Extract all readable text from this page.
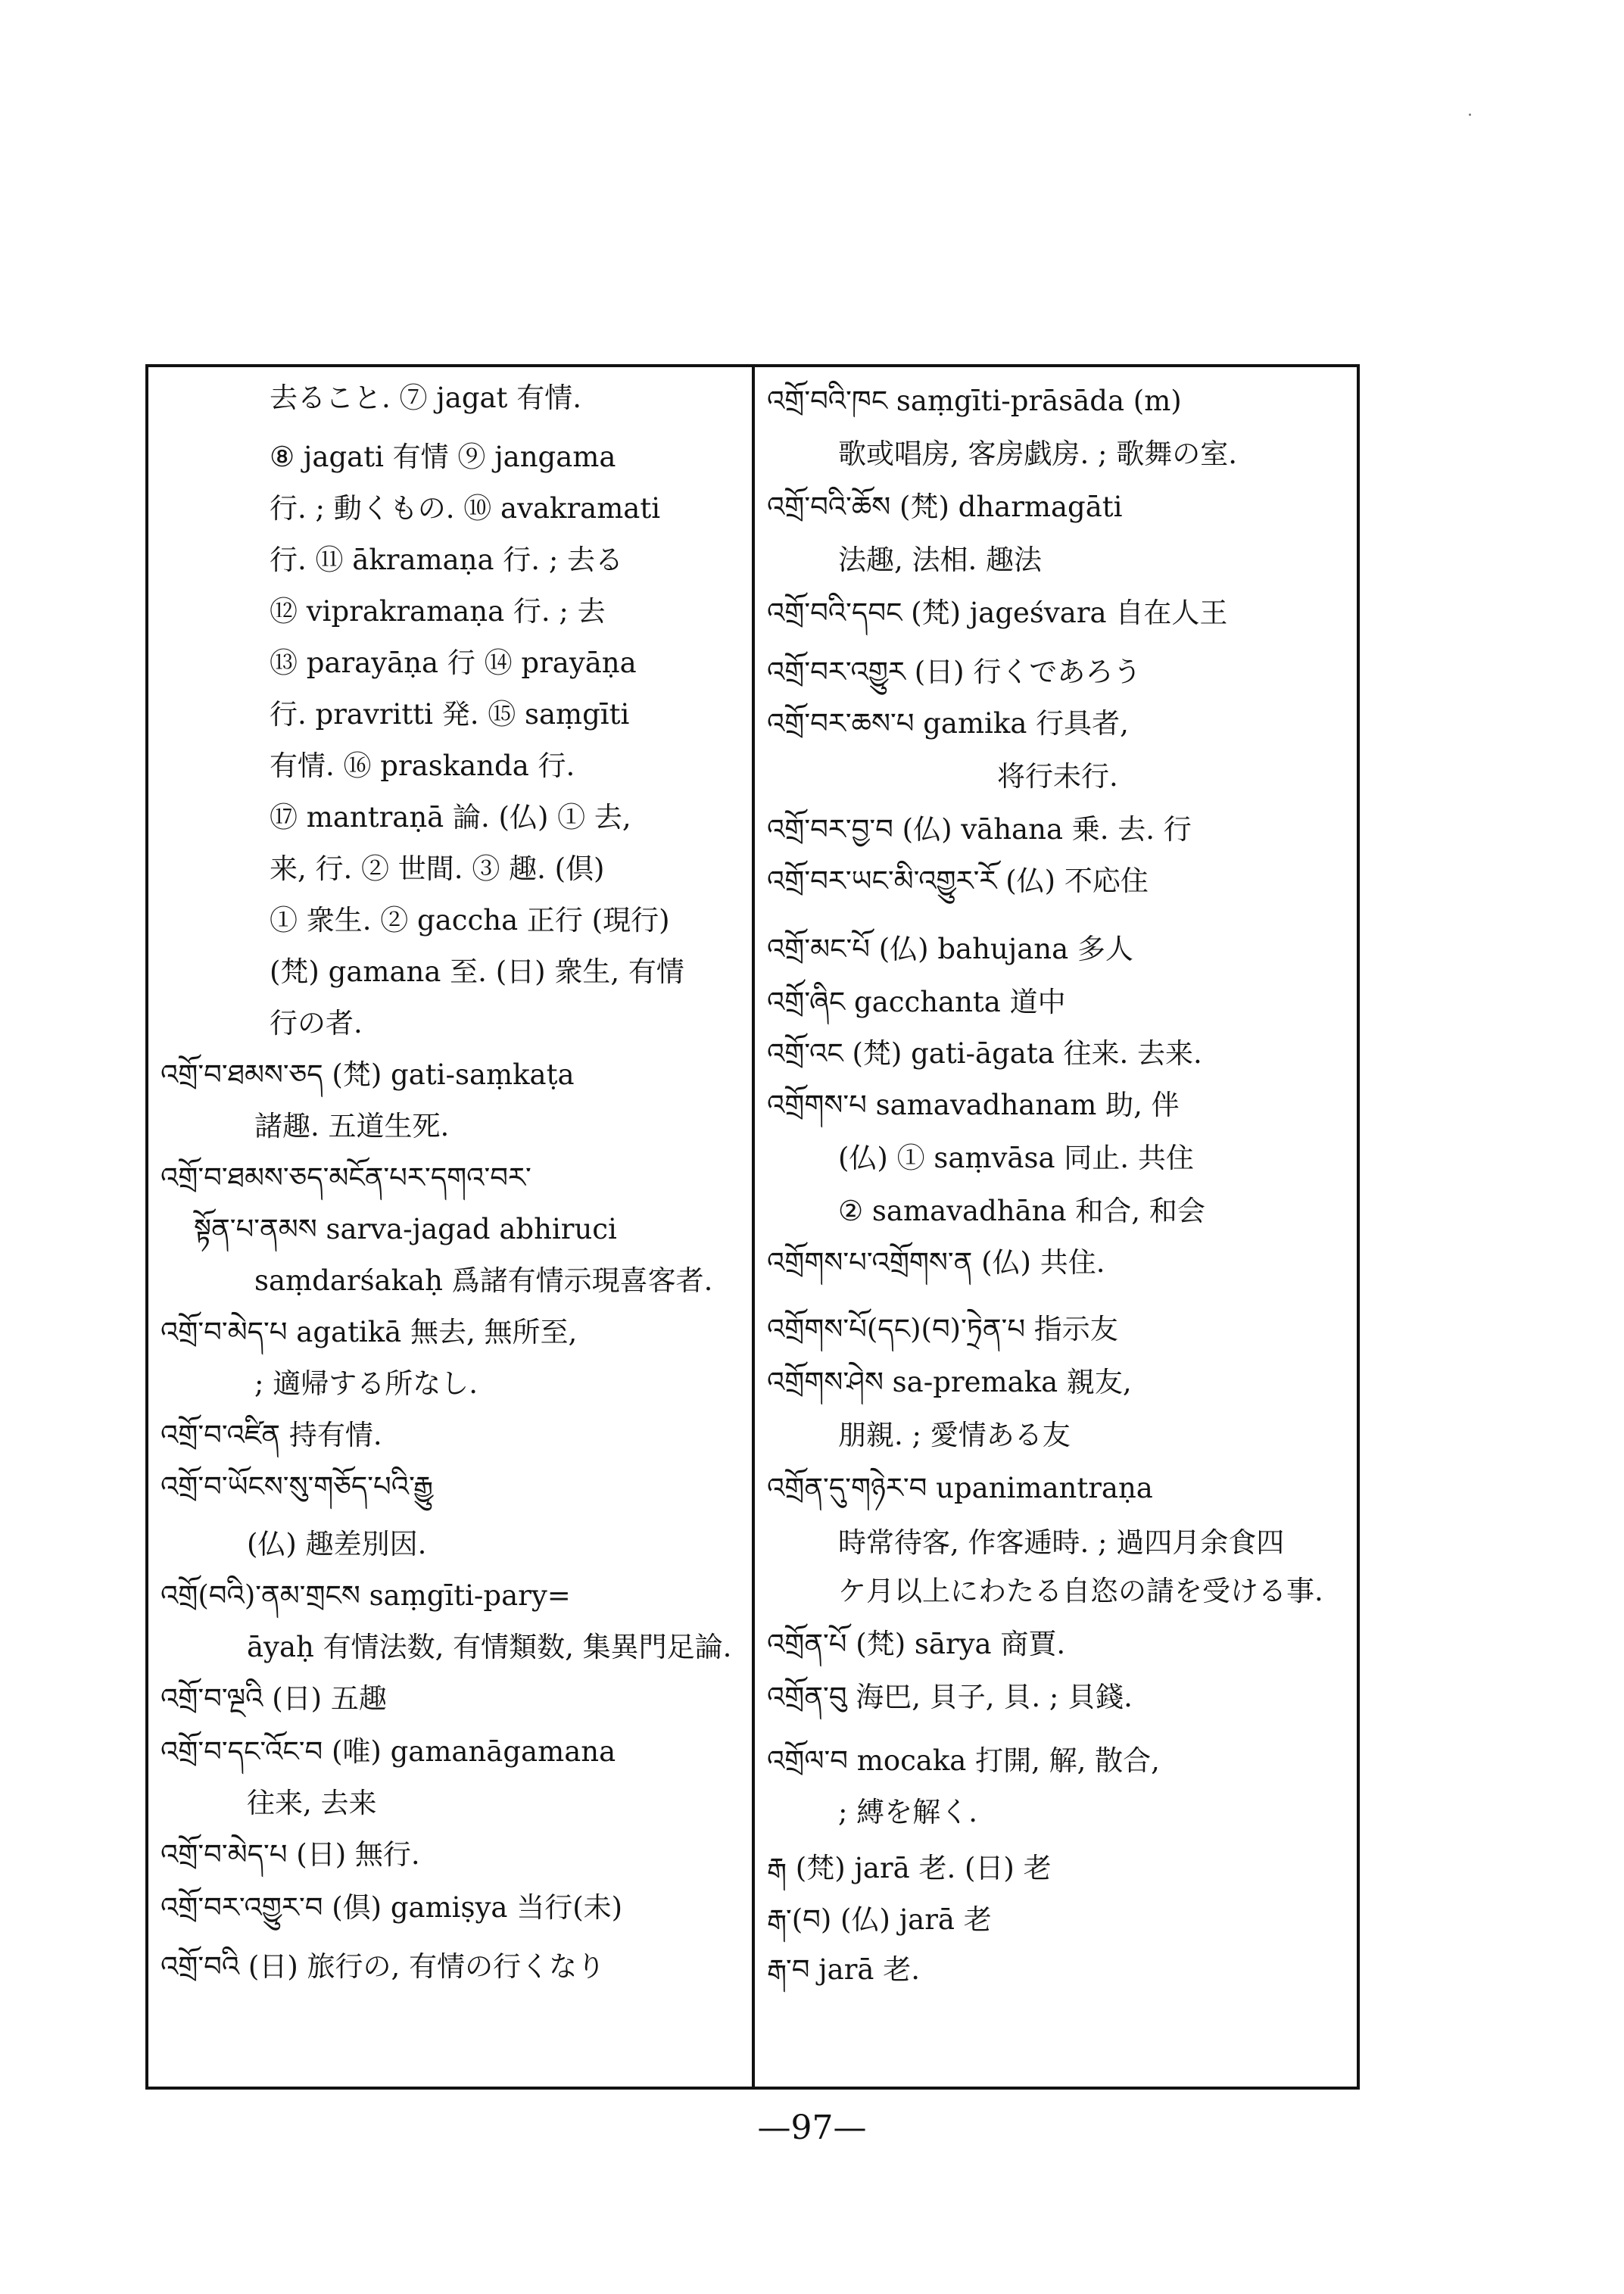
去ること. ⑦ jagat 有情.
⑧ jagati 有情 ⑨ jangama
行. ; 動くもの. ⑩ avakramati
行. ⑪ ākramaṇa 行. ; 去る
⑫ viprakramaṇa 行. ; 去
⑬ parayāṇa 行 ⑭ prayāṇa
行. pravritti 発. ⑮ saṃgīti
有情. ⑯ praskanda 行.
⑰ mantraṇā 論. (仏) ① 去,
来, 行. ② 世間. ③ 趣. (倶)
① 衆生. ② gaccha 正行 (現行)
(梵) gamana 至. (日) 衆生, 有情
行の者.
འགྲོ་བ་ཐམས་ཅད (梵) gati-saṃkaṭa
諸趣. 五道生死.
འགྲོ་བ་ཐམས་ཅད་མངོན་པར་དགའ་བར་
སྟོན་པ་ནམས sarva-jagad abhiruci
saṃdarśakaḥ 爲諸有情示現喜客者.
འགྲོ་བ་མེད་པ agatikā 無去, 無所至,
; 適帰する所なし.
འགྲོ་བ་འཛིན 持有情.
འགྲོ་བ་ཡོངས་སུ་གཅོད་པའི་རྒྱུ
(仏) 趣差別因.
འགྲོ(བའི)་ནམ་གྲངས saṃgīti-pary=
āyaḥ 有情法数, 有情類数, 集異門足論.
འགྲོ་བ་ལྔའི (日) 五趣
འགྲོ་བ་དང་འོང་བ (唯) gamanāgamana
往来, 去来
འགྲོ་བ་མེད་པ (日) 無行.
འགྲོ་བར་འགྱུར་བ (倶) gamiṣya 当行(未)
འགྲོ་བའི (日) 旅行の, 有情の行くなり
འགྲོ་བའི་ཁང saṃgīti-prāsāda (m)
歌或唱房, 客房戯房. ; 歌舞の室.
འགྲོ་བའི་ཆོས (梵) dharmagāti
法趣, 法相. 趣法
འགྲོ་བའི་དབང (梵) jageśvara 自在人王
འགྲོ་བར་འགྱུར (日) 行くであろう
འགྲོ་བར་ཆས་པ gamika 行具者,
将行未行.
འགྲོ་བར་བྱ་བ (仏) vāhana 乗. 去. 行
འགྲོ་བར་ཡང་མི་འགྱུར་རོ (仏) 不応住
འགྲོ་མང་པོ (仏) bahujana 多人
འགྲོ་ཞིང gacchanta 道中
འགྲོ་འང (梵) gati-āgata 往来. 去来.
འགྲོགས་པ samavadhanam 助, 伴
(仏) ① saṃvāsa 同止. 共住
② samavadhāna 和合, 和会
འགྲོགས་པ་འགྲོགས་ན (仏) 共住.
འགྲོགས་པོ(དང)(བ)་ཏྲེན་པ 指示友
འགྲོགས་ཤེས sa-premaka 親友,
朋親. ; 愛情ある友
འགྲོན་དུ་གཉེར་བ upanimantraṇa
時常待客, 作客逓時. ; 過四月余食四
ケ月以上にわたる自恣の請を受ける事.
འགྲོན་པོ (梵) sārya 商賈.
འགྲོན་བུ 海巴, 貝子, 貝. ; 貝錢.
འགྲོལ་བ mocaka 打開, 解, 散合,
; 縛を解く.
རྒ (梵) jarā 老. (日) 老
རྒ་(བ) (仏) jarā 老
རྒ་བ jarā 老.
—97—
